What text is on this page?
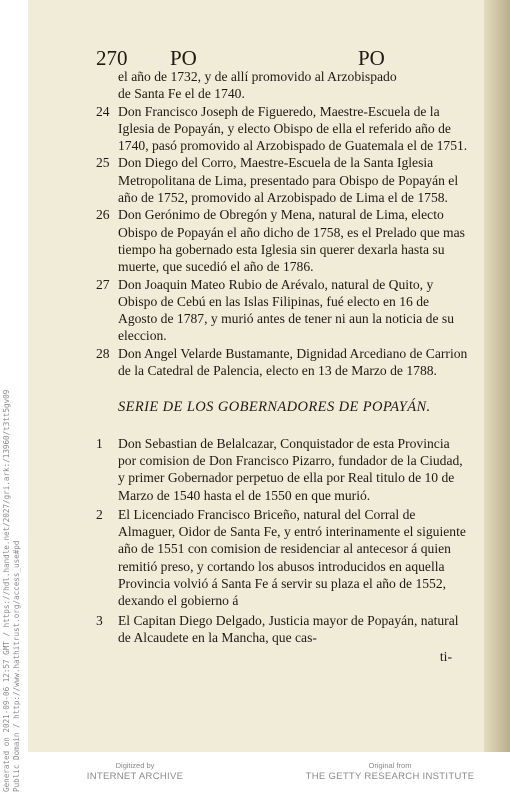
270 PO	PO
el año de 1732, y de allí promovido al Arzobispado
de Santa Fe el de 1740.
24 Don Francisco Joseph de Figueredo, Maestre-Escuela de la Iglesia de Popayán, y electo Obispo de ella el referido año de 1740, pasó promovido al Arzobispado de Guatemala el de 1751.
25 Don Diego del Corro, Maestre-Escuela de la Santa Iglesia Metropolitana de Lima, presentado para Obispo de Popayán el año de 1752, promovido al Arzobispado de Lima el de 1758.
26 Don Gerónimo de Obregón y Mena, natural de Lima, electo Obispo de Popayán el año dicho de 1758, es el Prelado que mas tiempo ha gobernado esta Iglesia sin querer dexarla hasta su muerte, que sucedió el año de 1786.
27 Don Joaquin Mateo Rubio de Arévalo, natural de Quito, y Obispo de Cebú en las Islas Filipinas, fué electo en 16 de Agosto de 1787, y murió antes de tener ni aun la noticia de su eleccion.
28 Don Angel Velarde Bustamante, Dignidad Arcediano de Carrion de la Catedral de Palencia, electo en 13 de Marzo de 1788.
SERIE DE LOS GOBERNADORES DE POPAYÁN.
1 Don Sebastian de Belalcazar, Conquistador de esta Provincia por comision de Don Francisco Pizarro, fundador de la Ciudad, y primer Gobernador perpetuo de ella por Real titulo de 10 de Marzo de 1540 hasta el de 1550 en que murió.
2 El Licenciado Francisco Briceño, natural del Corral de Almaguer, Oidor de Santa Fe, y entró interinamente el siguiente año de 1551 con comision de residenciar al antecesor á quien remitió preso, y cortando los abusos introducidos en aquella Provincia volvió á Santa Fe á servir su plaza el año de 1552, dexando el gobierno á
3 El Capitan Diego Delgado, Justicia mayor de Popayán, natural de Alcaudete en la Mancha, que cas-
ti-
Generated on 2021-09-06 12:57 GMT / https://hdl.handle.net/2027/gri.ark:/13960/t3tt5gv09 Public Domain / http://www.hathitrust.org/access_use#pd	Digitized by
INTERNET ARCHIVE
Original from
THE GETTY RESEARCH INSTITUTE
